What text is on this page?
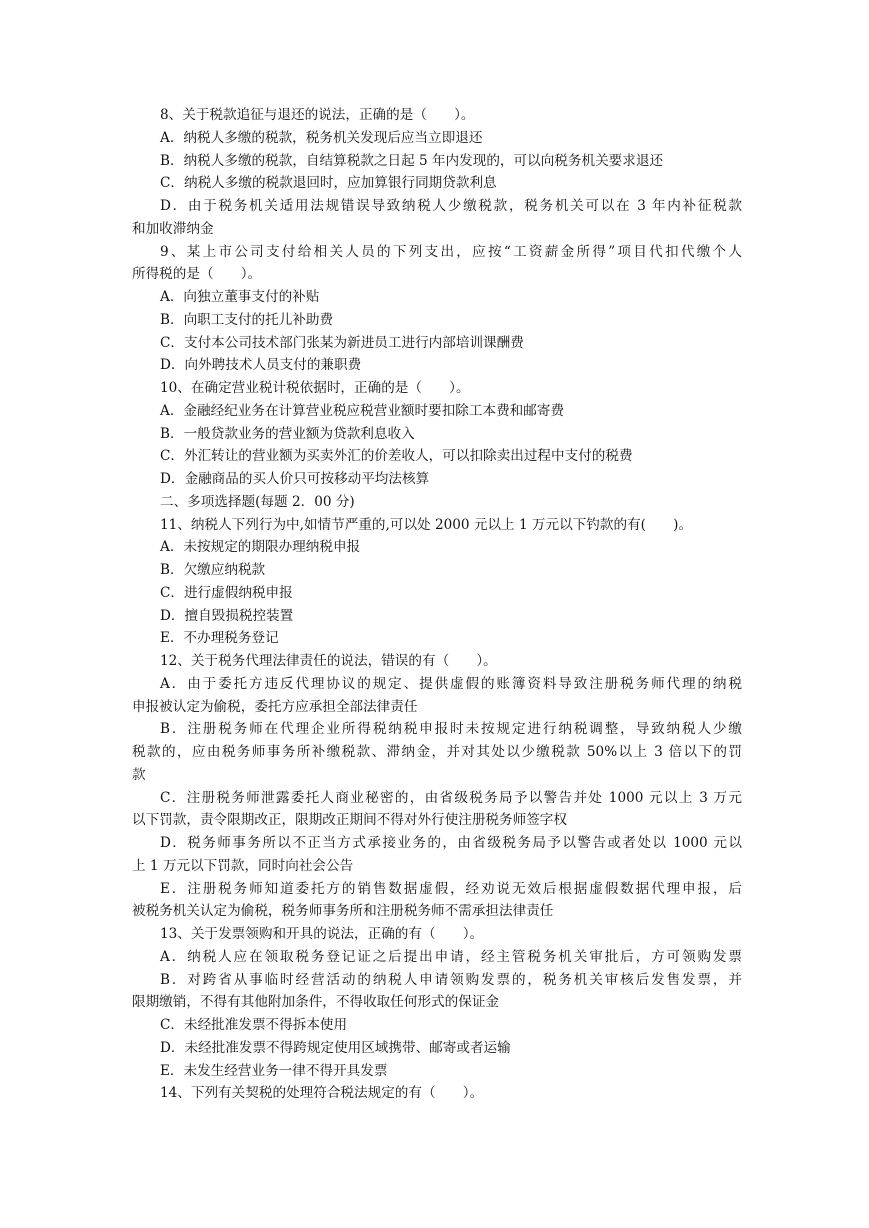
8、关于税款追征与退还的说法，正确的是（　　）。
A．纳税人多缴的税款，税务机关发现后应当立即退还
B．纳税人多缴的税款，自结算税款之日起 5 年内发现的，可以向税务机关要求退还
C．纳税人多缴的税款退回时，应加算银行同期贷款利息
D．由于税务机关适用法规错误导致纳税人少缴税款，税务机关可以在 3 年内补征税款
和加收滞纳金
9、某上市公司支付给相关人员的下列支出，应按“工资薪金所得”项目代扣代缴个人
所得税的是（　　）。
A．向独立董事支付的补贴
B．向职工支付的托儿补助费
C．支付本公司技术部门张某为新进员工进行内部培训课酬费
D．向外聘技术人员支付的兼职费
10、在确定营业税计税依据时，正确的是（　　）。
A．金融经纪业务在计算营业税应税营业额时要扣除工本费和邮寄费
B．一般贷款业务的营业额为贷款利息收入
C．外汇转让的营业额为买卖外汇的价差收人，可以扣除卖出过程中支付的税费
D．金融商品的买人价只可按移动平均法核算
二、多项选择题(每题 2．00 分)
11、纳税人下列行为中,如情节严重的,可以处 2000 元以上 1 万元以下钓款的有(　　)。
A．未按规定的期限办理纳税申报
B．欠缴应纳税款
C．进行虚假纳税申报
D．擅自毁损税控装置
E．不办理税务登记
12、关于税务代理法律责任的说法，错误的有（　　）。
A．由于委托方违反代理协议的规定、提供虚假的账簿资料导致注册税务师代理的纳税
申报被认定为偷税，委托方应承担全部法律责任
B．注册税务师在代理企业所得税纳税申报时未按规定进行纳税调整，导致纳税人少缴
税款的，应由税务师事务所补缴税款、滞纳金，并对其处以少缴税款 50%以上 3 倍以下的罚
款
C．注册税务师泄露委托人商业秘密的，由省级税务局予以警告并处 1000 元以上 3 万元
以下罚款，责令限期改正，限期改正期间不得对外行使注册税务师签字权
D．税务师事务所以不正当方式承接业务的，由省级税务局予以警告或者处以 1000 元以
上 1 万元以下罚款，同时向社会公告
E．注册税务师知道委托方的销售数据虚假，经劝说无效后根据虚假数据代理申报，后
被税务机关认定为偷税，税务师事务所和注册税务师不需承担法律责任
13、关于发票领购和开具的说法，正确的有（　　）。
A．纳税人应在领取税务登记证之后提出申请，经主管税务机关审批后，方可领购发票
B．对跨省从事临时经营活动的纳税人申请领购发票的，税务机关审核后发售发票，并
限期缴销，不得有其他附加条件，不得收取任何形式的保证金
C．未经批准发票不得拆本使用
D．未经批准发票不得跨规定使用区域携带、邮寄或者运输
E．未发生经营业务一律不得开具发票
14、下列有关契税的处理符合税法规定的有（　　）。
